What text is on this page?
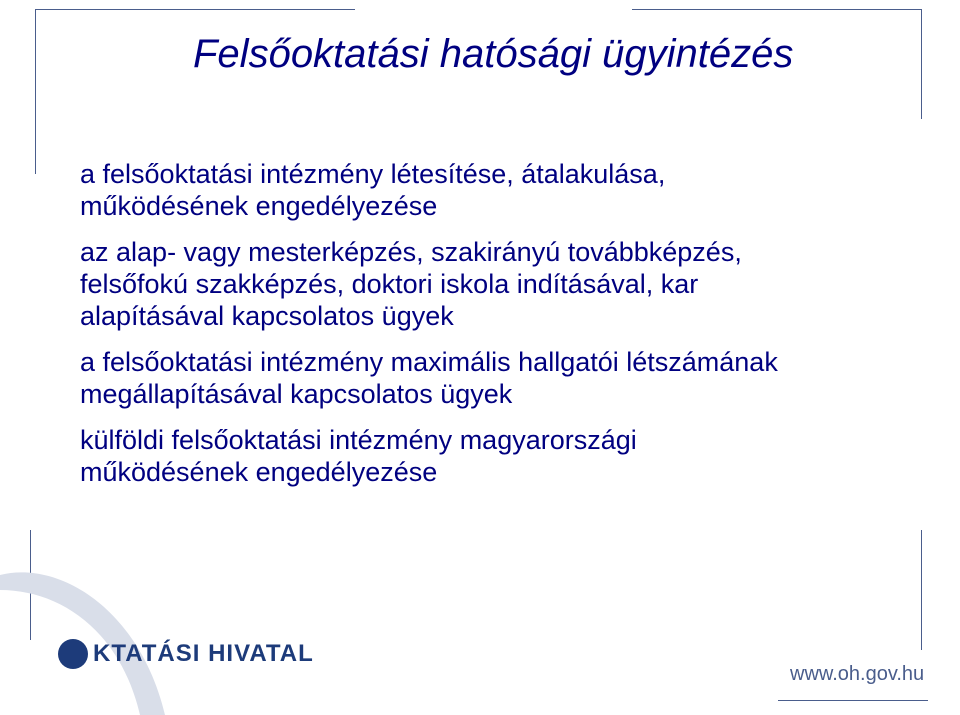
Felsőoktatási hatósági ügyintézés
a felsőoktatási intézmény létesítése, átalakulása,
működésének engedélyezése
az alap- vagy mesterképzés, szakirányú továbbképzés,
felsőfokú szakképzés, doktori iskola indításával, kar
alapításával kapcsolatos ügyek
a felsőoktatási intézmény maximális hallgatói létszámának
megállapításával kapcsolatos ügyek
külföldi felsőoktatási intézmény magyarországi
működésének engedélyezése
KTATÁSI HIVATAL
www.oh.gov.hu
